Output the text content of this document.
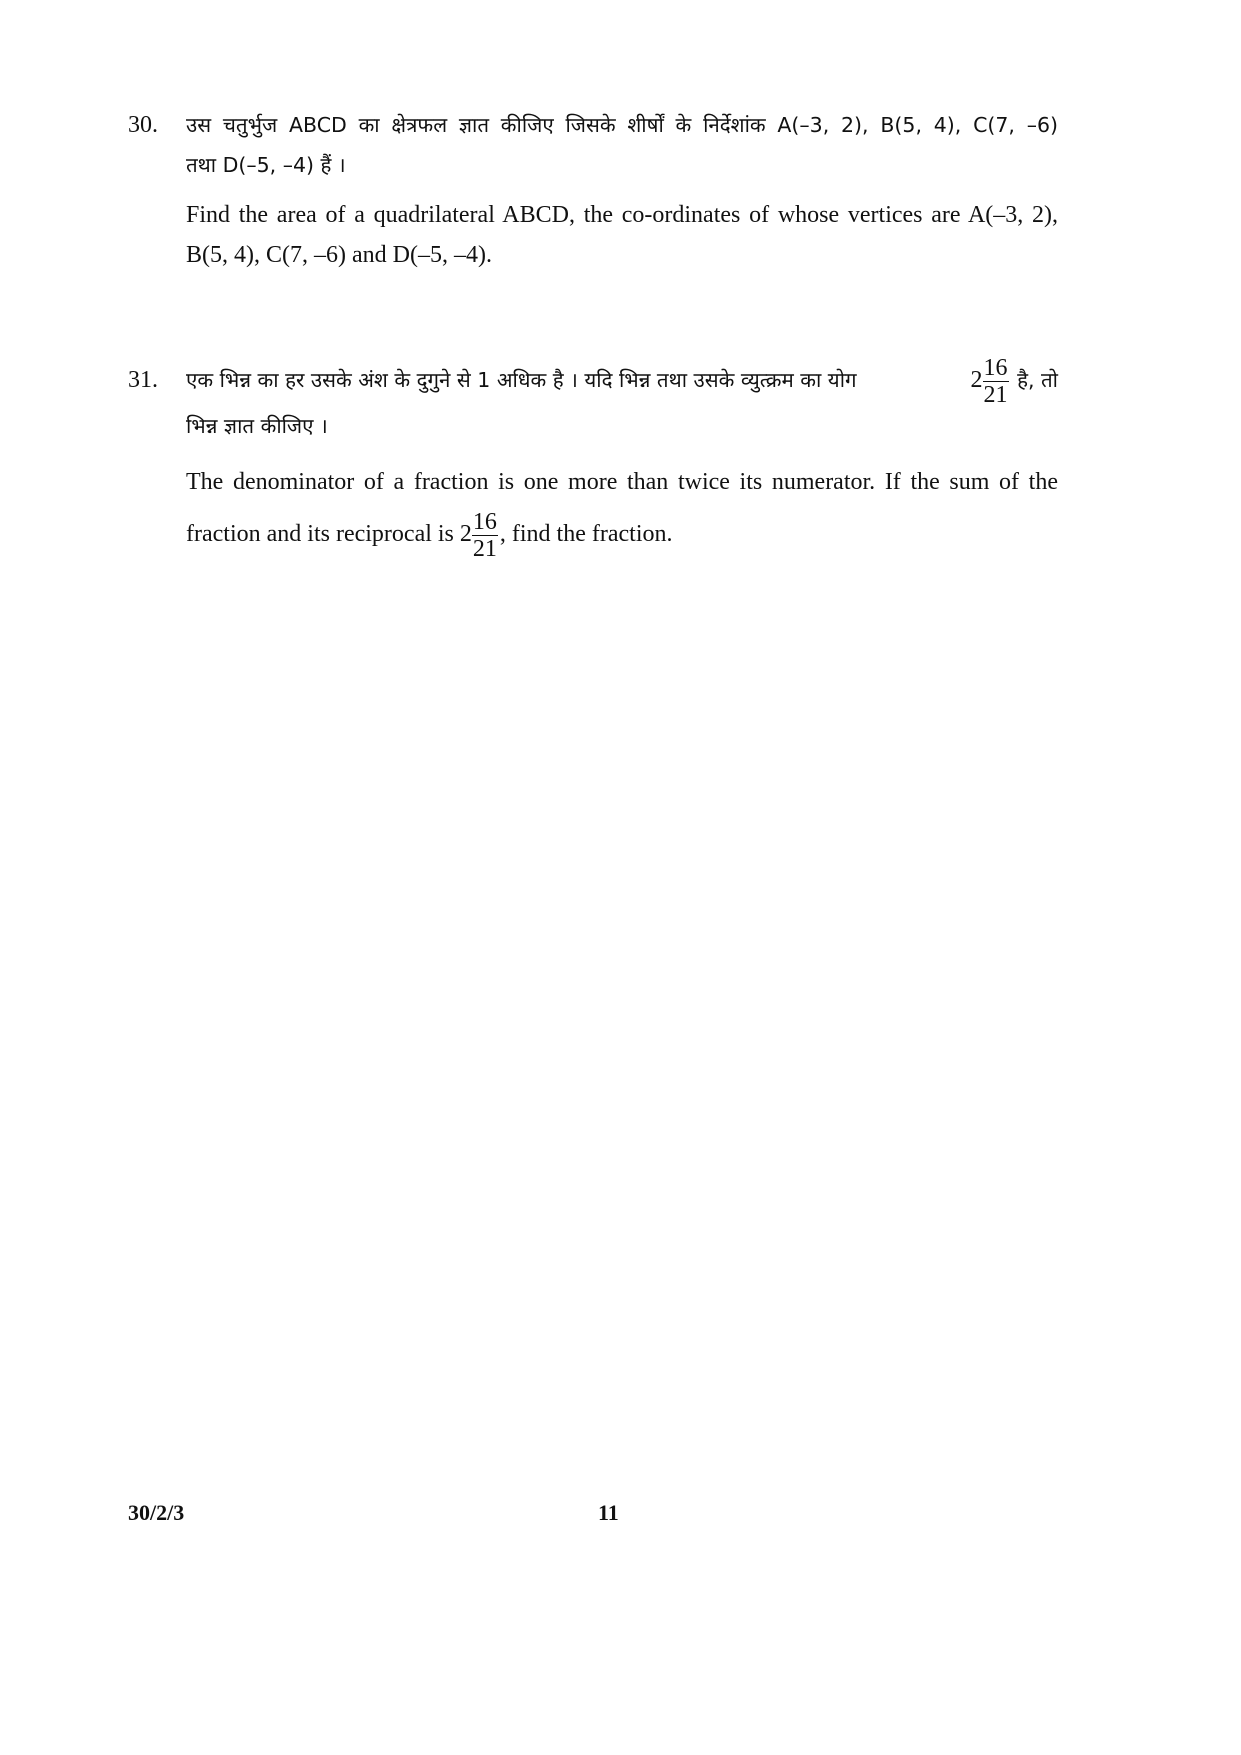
30. उस चतुर्भुज ABCD का क्षेत्रफल ज्ञात कीजिए जिसके शीर्षों के निर्देशांक A(–3, 2), B(5, 4), C(7, –6)
तथा D(–5, –4) हैं ।

Find the area of a quadrilateral ABCD, the co-ordinates of whose vertices are A(–3, 2),
B(5, 4), C(7, –6) and D(–5, –4).

31. एक भिन्न का हर उसके अंश के दुगुने से 1 अधिक है । यदि भिन्न तथा उसके व्युत्क्रम का योग	$2 \frac{16}{21}$ है, तो
भिन्न ज्ञात कीजिए ।

The denominator of a fraction is one more than twice its numerator. If the sum of the
fraction and its reciprocal is $2 \frac{16}{21}$ , find the fraction.

30/2/3	11
